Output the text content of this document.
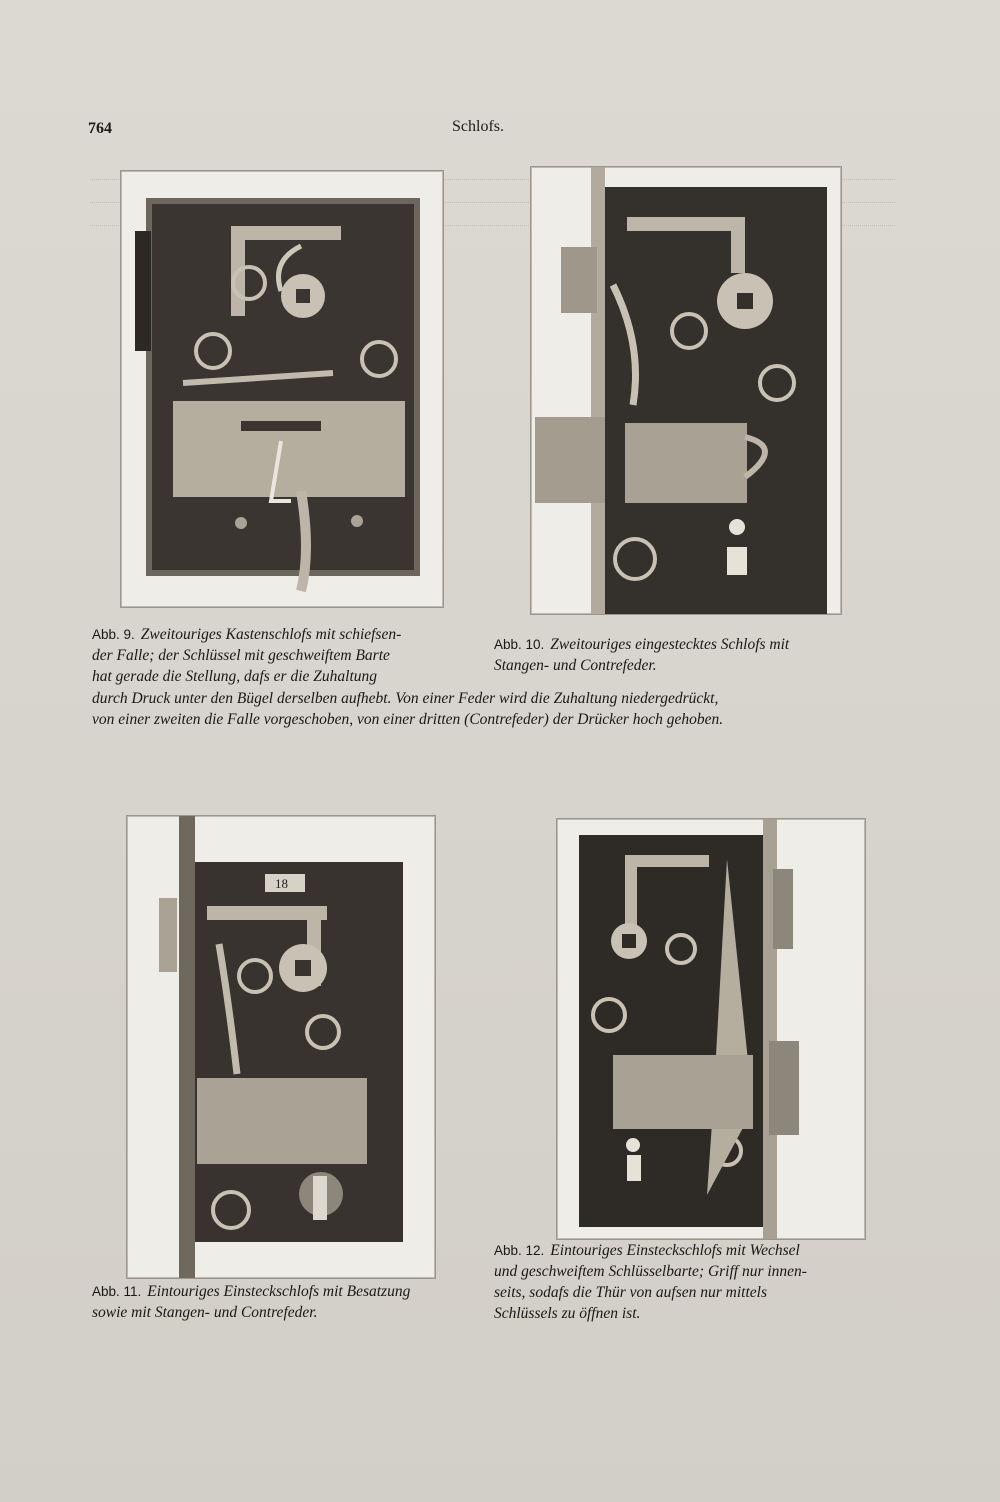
764	Schlofs.
Abb. 9. Zweitouriges Kastenschlofs mit schiefsen-
der Falle; der Schlüssel mit geschweiftem Barte
hat gerade die Stellung, dafs er die Zuhaltung
Abb. 10. Zweitouriges eingestecktes Schlofs mit
Stangen- und Contrefeder.
durch Druck unter den Bügel derselben aufhebt. Von einer Feder wird die Zuhaltung niedergedrückt,
von einer zweiten die Falle vorgeschoben, von einer dritten (Contrefeder) der Drücker hoch gehoben.
18
Abb. 11. Eintouriges Einsteckschlofs mit Besatzung
sowie mit Stangen- und Contrefeder.
Abb. 12. Eintouriges Einsteckschlofs mit Wechsel
und geschweiftem Schlüsselbarte; Griff nur innen-
seits, sodafs die Thür von aufsen nur mittels
Schlüssels zu öffnen ist.
